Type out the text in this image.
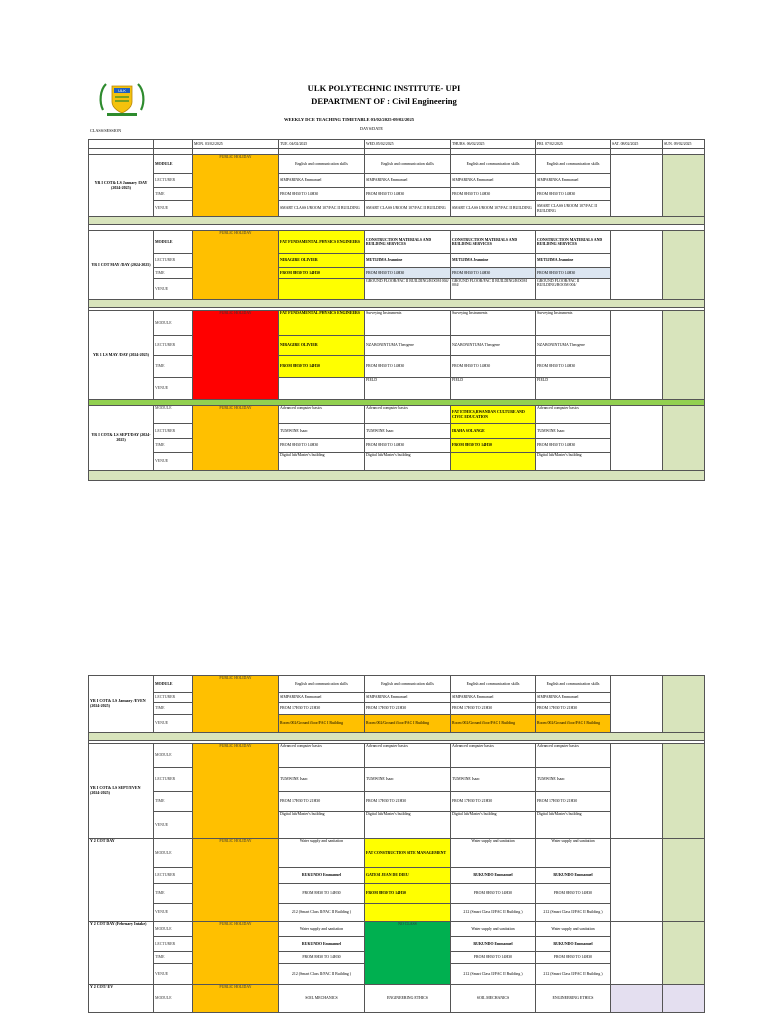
ULK	ULK POLYTECHNIC INSTITUTE- UPI
DEPARTMENT OF : Civil Engineering
WEEKLY DCE TEACHING TIMETABLE 03/02/2025-09/02/2025
CLASS/SESSION	DAYS/DATE
		MON. 03/02/2025	TUE. 04/02/2025	WED.05/02/2025	THURS. 06/02/2025	FRI. 07/02/2025	SAT. 08/02/2025	SUN. 09/02/2025

YR I COT& LS January /DAY (2024-2025)	MODULE	PUBLIC HOLIDAY	English and communication skills	English and communication skills	English and communication skills	English and communication skills		
	LECTURER		SIMPARINKA Emmanuel	SIMPARINKA Emmanuel	SIMPARINKA Emmanuel	SIMPARINKA Emmanuel		
	TIME		FROM 8H30 TO 14H30	FROM 8H30 TO 14H30	FROM 8H30 TO 14H30	FROM 8H30 TO 14H30		
	VENUE		SMART CLASS I/ROOM 107/FAC II BUILDING	SMART CLASS I/ROOM 107/FAC II BUILDING	SMART CLASS I/ROOM 107/FAC II BUILDING	SMART CLASS I/ROOM 107/FAC II BUILDING		

YR I COT MAY /DAY (2024-2025)	MODULE	PUBLIC HOLIDAY	FAT FUNDAMENTAL PHYSICS ENGINEERS	CONSTRUCTION MATERIALS AND BUILDING SERVICES	CONSTRUCTION MATERIALS AND BUILDING SERVICES	CONSTRUCTION MATERIALS AND BUILDING SERVICES		
	LECTURER		NIRAGIRE OLIVIER	MUTIJIMA Jeannine	MUTIJIMA Jeannine	MUTIJIMA Jeannine		
	TIME		FROM 8H30 TO 14H30	FROM 8H30 TO 14H30	FROM 8H30 TO 14H30	FROM 8H30 TO 14H30		
	VENUE			GROUND FLOOR/FAC II BUILDING/ROOM 004/	GROUND FLOOR/FAC II BUILDING/ROOM 004/	GROUND FLOOR/FAC II BUILDING/ROOM 004/		

YR 1 LS MAY /DAY (2024-2025)	MODULE	PUBLIC HOLIDAY	FAT FUNDAMENTAL PHYSICS ENGINEERS	Surveying Instruments	Surveying Instruments	Surveying Instruments		
	LECTURER		NIRAGIRE OLIVIER	NZABONINTUMA Theogene	NZABONINTUMA Theogene	NZABONINTUMA Theogene		
	TIME		FROM 8H30 TO 14H30	FROM 8H30 TO 14H30	FROM 8H30 TO 14H30	FROM 8H30 TO 14H30		
	VENUE			FIELD	FIELD	FIELD		

YR I COT& LS SEPT/DAY (2024-2025)	MODULE	PUBLIC HOLIDAY	Advanced computer basics	Advanced computer basics	FAT ETHICS,RWANDAN CULTURE AND CIVIC EDUCATION	Advanced computer basics		
	LECTURER		TUMWINE Isaac	TUMWINE Isaac	IRAHA SOLANGE	TUMWINE Isaac		
	TIME		FROM 8H30 TO 14H30	FROM 8H30 TO 14H30	FROM 8H30 TO 14H30	FROM 8H30 TO 14H30		
	VENUE		Digital lab/Master's building	Digital lab/Master's building		Digital lab/Master's building		

YR I COT& LS January /EVEN (2024-2025)	MODULE	PUBLIC HOLIDAY	English and communication skills	English and communication skills	English and communication skills	English and communication skills		
	LECTURER		SIMPARINKA Emmanuel	SIMPARINKA Emmanuel	SIMPARINKA Emmanuel	SIMPARINKA Emmanuel		
	TIME		FROM 17H30 TO 21H30	FROM 17H30 TO 21H30	FROM 17H30 TO 21H30	FROM 17H30 TO 21H30		
	VENUE		Room 002/Ground floor/FAC I Building	Room 002/Ground floor/FAC I Building	Room 002/Ground floor/FAC I Building	Room 002/Ground floor/FAC I Building		

YR I COT& LS SEPT/EVEN (2024-2025)	MODULE	PUBLIC HOLIDAY	Advanced computer basics	Advanced computer basics	Advanced computer basics	Advanced computer basics		
	LECTURER		TUMWINE Isaac	TUMWINE Isaac	TUMWINE Isaac	TUMWINE Isaac		
	TIME		FROM 17H30 TO 21H30	FROM 17H30 TO 21H30	FROM 17H30 TO 21H30	FROM 17H30 TO 21H30		
	VENUE		Digital lab/Master's building	Digital lab/Master's building	Digital lab/Master's building	Digital lab/Master's building		
Y 2 COT DAY	MODULE	PUBLIC HOLIDAY	Water supply and sanitation	FAT CONSTRUCTION SITE MANAGEMENT	Water supply and sanitation	Water supply and sanitation		
	LECTURER		RUKUNDO Emmanuel	GATESI JEAN DE DIEU	RUKUNDO Emmanuel	RUKUNDO Emmanuel		
	TIME		FROM 8H30 TO 14H30	FROM 8H30 TO 14H30	FROM 8H30 TO 14H30	FROM 8H30 TO 14H30		
	VENUE		212 (Smart Class II/FAC II Building )		212 (Smart Class II/FAC II Building )	212 (Smart Class II/FAC II Building )		
Y 2 COT DAY (February Intake)	MODULE	PUBLIC HOLIDAY	Water supply and sanitation	NO CLASS	Water supply and sanitation	Water supply and sanitation		
	LECTURER		RUKUNDO Emmanuel		RUKUNDO Emmanuel	RUKUNDO Emmanuel		
	TIME		FROM 8H30 TO 14H30		FROM 8H30 TO 14H30	FROM 8H30 TO 14H30		
	VENUE		212 (Smart Class II/FAC II Building )		212 (Smart Class II/FAC II Building )	212 (Smart Class II/FAC II Building )		
Y 2 COT/ EV	MODULE	PUBLIC HOLIDAY	SOIL MECHANICS	ENGINEERING ETHICS	SOIL MECHANICS	ENGINEERING ETHICS		
